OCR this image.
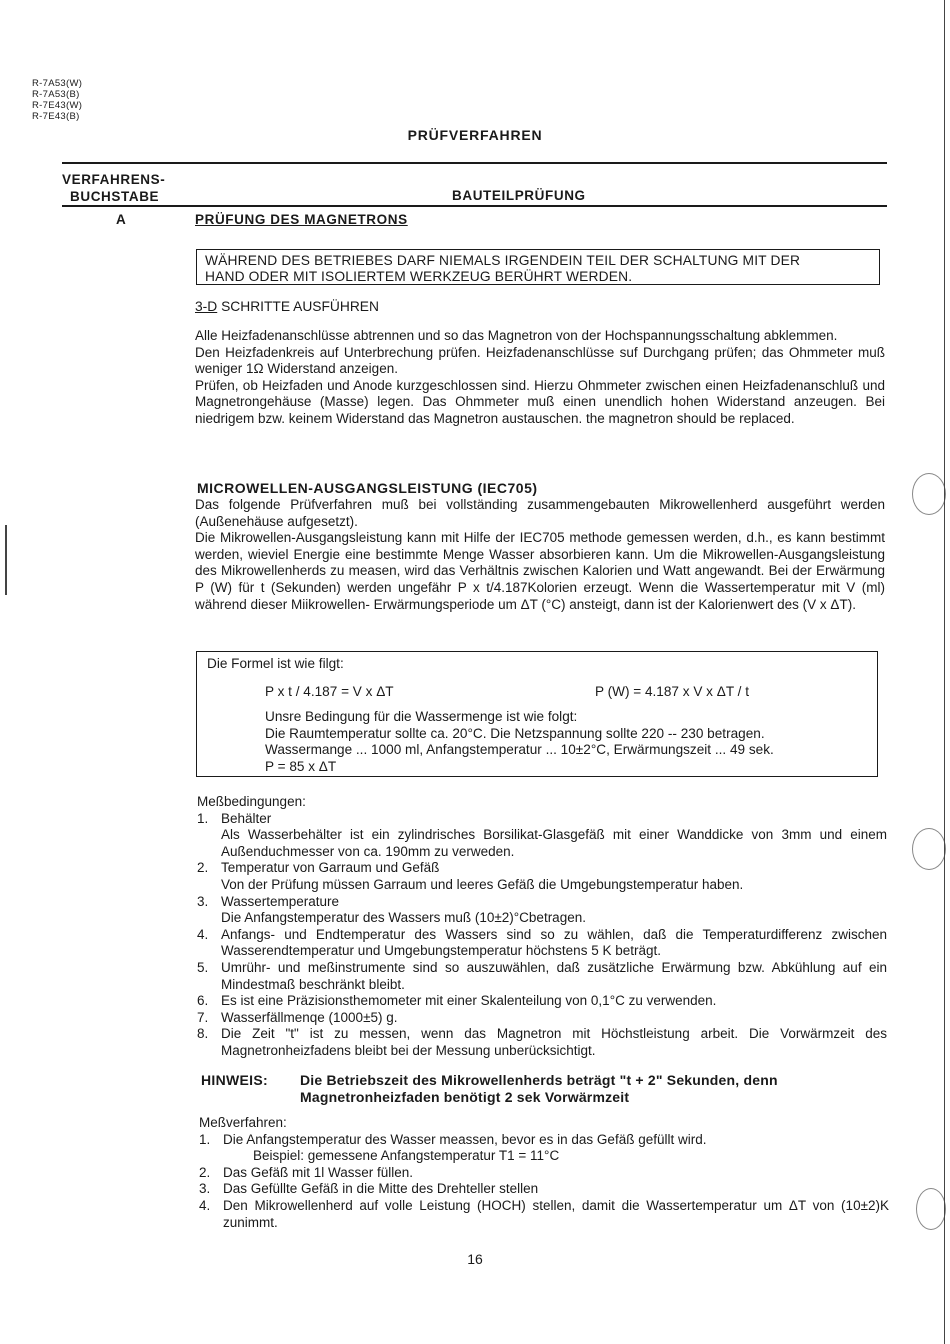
R-7A53(W)
R-7A53(B)
R-7E43(W)
R-7E43(B)
PRÜFVERFAHREN
VERFAHRENS-
BUCHSTABE	BAUTEILPRÜFUNG
A	PRÜFUNG DES MAGNETRONS
WÄHREND DES BETRIEBES DARF NIEMALS IRGENDEIN TEIL DER SCHALTUNG MIT DER
HAND ODER MIT ISOLIERTEM WERKZEUG BERÜHRT WERDEN.
3-D SCHRITTE AUSFÜHREN
Alle Heizfadenanschlüsse abtrennen und so das Magnetron von der Hochspannungsschaltung abklemmen.
Den Heizfadenkreis auf Unterbrechung prüfen. Heizfadenanschlüsse suf Durchgang prüfen; das Ohmmeter muß weniger 1Ω Widerstand anzeigen.
Prüfen, ob Heizfaden und Anode kurzgeschlossen sind. Hierzu Ohmmeter zwischen einen Heizfadenanschluß und Magnetrongehäuse (Masse) legen. Das Ohmmeter muß einen unendlich hohen Widerstand anzeugen. Bei niedrigem bzw. keinem Widerstand das Magnetron austauschen. the magnetron should be replaced.
MICROWELLEN-AUSGANGSLEISTUNG (IEC705)
Das folgende Prüfverfahren muß bei vollständing zusammengebauten Mikrowellenherd ausgeführt werden (Außenehäuse aufgesetzt).
Die Mikrowellen-Ausgangsleistung kann mit Hilfe der IEC705 methode gemessen werden, d.h., es kann bestimmt werden, wieviel Energie eine bestimmte Menge Wasser absorbieren kann. Um die Mikrowellen-Ausgangsleistung des Mikrowellenherds zu measen, wird das Verhältnis zwischen Kalorien und Watt angewandt. Bei der Erwärmung P (W) für t (Sekunden) werden ungefähr P x t/4.187Kolorien erzeugt. Wenn die Wassertemperatur mit V (ml) während dieser Miikrowellen- Erwärmungsperiode um ΔT (°C) ansteigt, dann ist der Kalorienwert des (V x ΔT).
Die Formel ist wie filgt:
P x t / 4.187 = V x ΔT	P (W) = 4.187 x V x ΔT / t
Unsre Bedingung für die Wassermenge ist wie folgt:
Die Raumtemperatur sollte ca. 20°C. Die Netzspannung sollte 220 -- 230 betragen.
Wassermange ... 1000 ml, Anfangstemperatur ... 10±2°C, Erwärmungszeit ... 49 sek.
P = 85 x ΔT
Meßbedingungen:
1. Behälter
Als Wasserbehälter ist ein zylindrisches Borsilikat-Glasgefäß mit einer Wanddicke von 3mm und einem Außenduchmesser von ca. 190mm zu verweden.
2. Temperatur von Garraum und Gefäß
Von der Prüfung müssen Garraum und leeres Gefäß die Umgebungstemperatur haben.
3. Wassertemperature
Die Anfangstemperatur des Wassers muß (10±2)°Cbetragen.
4. Anfangs- und Endtemperatur des Wassers sind so zu wählen, daß die Temperaturdifferenz zwischen Wasserendtemperatur und Umgebungstemperatur höchstens 5 K beträgt.
5. Umrühr- und meßinstrumente sind so auszuwählen, daß zusätzliche Erwärmung bzw. Abkühlung auf ein Mindestmaß beschränkt bleibt.
6. Es ist eine Präzisionsthemometer mit einer Skalenteilung von 0,1°C zu verwenden.
7. Wasserfällmenqe (1000±5) g.
8. Die Zeit "t" ist zu messen, wenn das Magnetron mit Höchstleistung arbeit. Die Vorwärmzeit des Magnetronheizfadens bleibt bei der Messung unberücksichtigt.
HINWEIS: Die Betriebszeit des Mikrowellenherds beträgt "t + 2" Sekunden, denn
Magnetronheizfaden benötigt 2 sek Vorwärmzeit
Meßverfahren:
1. Die Anfangstemperatur des Wasser meassen, bevor es in das Gefäß gefüllt wird.
Beispiel: gemessene Anfangstemperatur T1 = 11°C
2. Das Gefäß mit 1l Wasser füllen.
3. Das Gefüllte Gefäß in die Mitte des Drehteller stellen
4. Den Mikrowellenherd auf volle Leistung (HOCH) stellen, damit die Wassertemperatur um ΔT von (10±2)K zunimmt.
16
